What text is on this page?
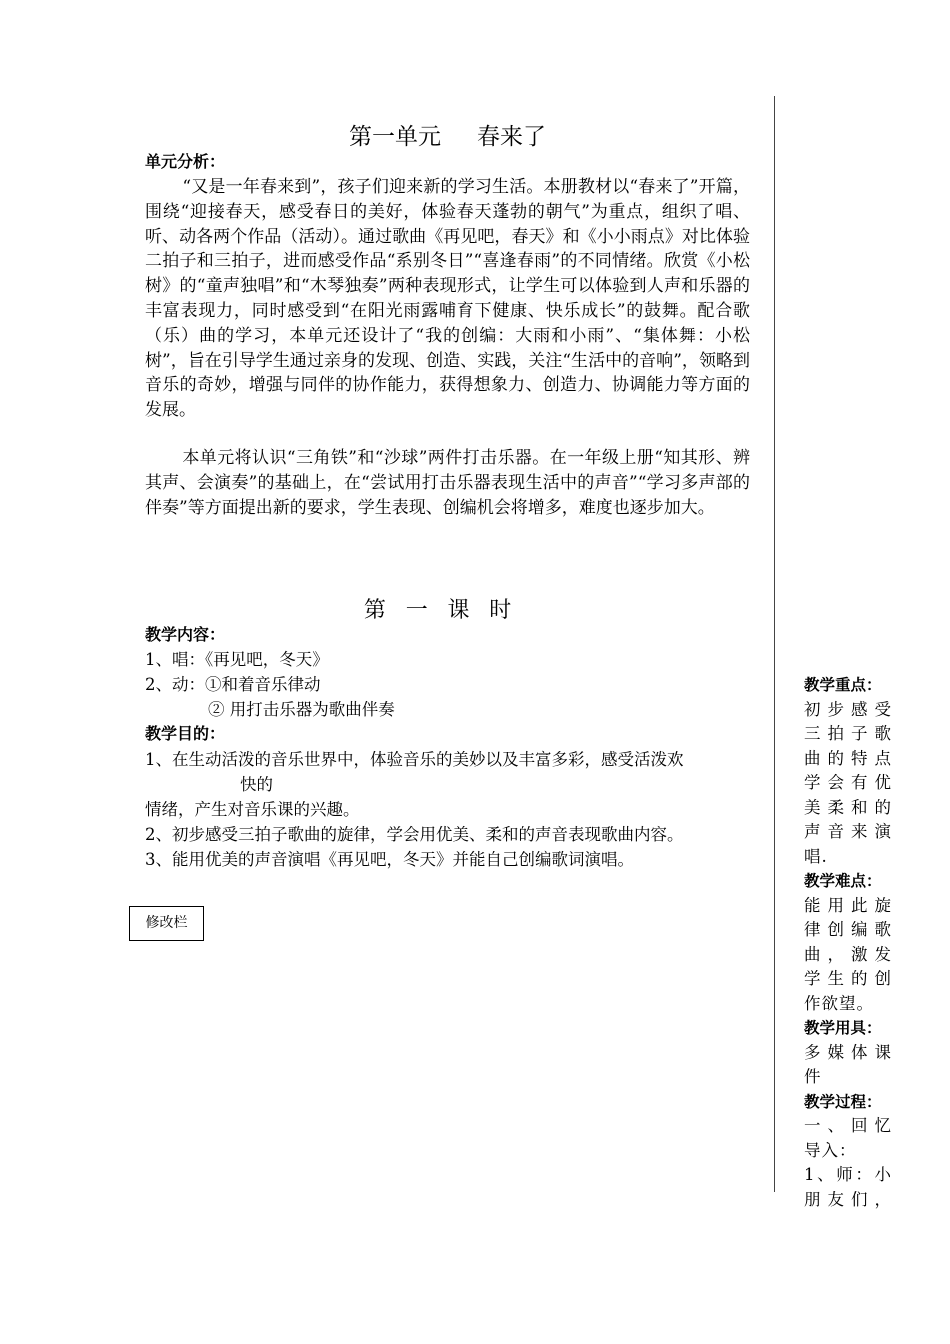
第一单元 春来了
单元分析：

“又是一年春来到”，孩子们迎来新的学习生活。本册教材以“春来了”开篇，围绕“迎接春天，感受春日的美好，体验春天蓬勃的朝气”为重点，组织了唱、听、动各两个作品（活动）。通过歌曲《再见吧，春天》和《小小雨点》对比体验二拍子和三拍子，进而感受作品“系别冬日”“喜逢春雨”的不同情绪。欣赏《小松树》的“童声独唱”和“木琴独奏”两种表现形式，让学生可以体验到人声和乐器的丰富表现力，同时感受到“在阳光雨露哺育下健康、快乐成长”的鼓舞。配合歌（乐）曲的学习，本单元还设计了“我的创编：大雨和小雨”、“集体舞：小松树”，旨在引导学生通过亲身的发现、创造、实践，关注“生活中的音响”，领略到音乐的奇妙，增强与同伴的协作能力，获得想象力、创造力、协调能力等方面的发展。

本单元将认识“三角铁”和“沙球”两件打击乐器。在一年级上册“知其形、辨其声、会演奏”的基础上，在“尝试用打击乐器表现生活中的声音”“学习多声部的伴奏”等方面提出新的要求，学生表现、创编机会将增多，难度也逐步加大。

第一课时
教学内容：
1、唱：《再见吧，冬天》
2、动：①和着音乐律动
② 用打击乐器为歌曲伴奏
教学目的：
1、在生动活泼的音乐世界中，体验音乐的美妙以及丰富多彩，感受活泼欢
快的
情绪，产生对音乐课的兴趣。
2、初步感受三拍子歌曲的旋律，学会用优美、柔和的声音表现歌曲内容。
3、能用优美的声音演唱《再见吧，冬天》并能自己创编歌词演唱。
修改栏
教学重点：
初步感受
三拍子歌
曲的特点
学会有优
美柔和的
声音来演
唱.
教学难点：
能用此旋
律创编歌
曲，激发
学生的创
作欲望。
教学用具：
多媒体课
件
教学过程：
一、回忆
导入：
1、师：小
朋友们，
